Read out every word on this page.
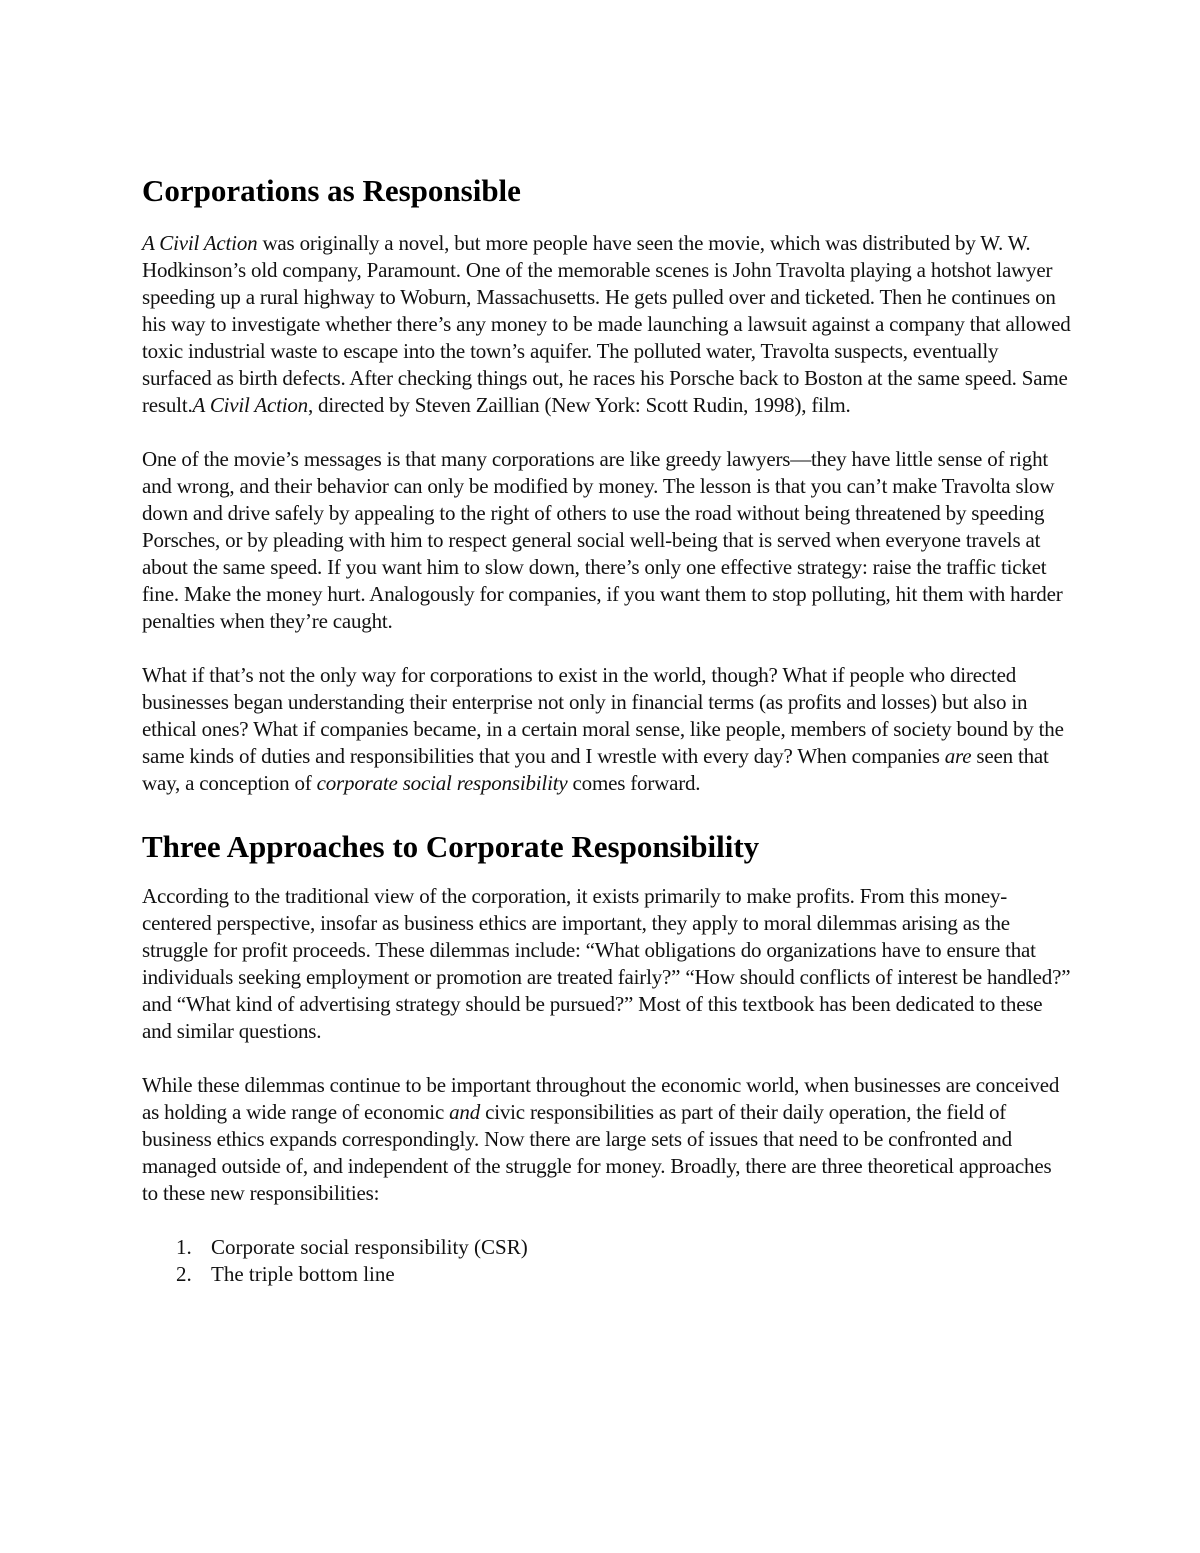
Corporations as Responsible

A Civil Action was originally a novel, but more people have seen the movie, which was distributed by W. W. Hodkinson’s old company, Paramount. One of the memorable scenes is John Travolta playing a hotshot lawyer speeding up a rural highway to Woburn, Massachusetts. He gets pulled over and ticketed. Then he continues on his way to investigate whether there’s any money to be made launching a lawsuit against a company that allowed toxic industrial waste to escape into the town’s aquifer. The polluted water, Travolta suspects, eventually surfaced as birth defects. After checking things out, he races his Porsche back to Boston at the same speed. Same result.A Civil Action, directed by Steven Zaillian (New York: Scott Rudin, 1998), film.

One of the movie’s messages is that many corporations are like greedy lawyers—they have little sense of right and wrong, and their behavior can only be modified by money. The lesson is that you can’t make Travolta slow down and drive safely by appealing to the right of others to use the road without being threatened by speeding Porsches, or by pleading with him to respect general social well-being that is served when everyone travels at about the same speed. If you want him to slow down, there’s only one effective strategy: raise the traffic ticket fine. Make the money hurt. Analogously for companies, if you want them to stop polluting, hit them with harder penalties when they’re caught.

What if that’s not the only way for corporations to exist in the world, though? What if people who directed businesses began understanding their enterprise not only in financial terms (as profits and losses) but also in ethical ones? What if companies became, in a certain moral sense, like people, members of society bound by the same kinds of duties and responsibilities that you and I wrestle with every day? When companies are seen that way, a conception of corporate social responsibility comes forward.

Three Approaches to Corporate Responsibility

According to the traditional view of the corporation, it exists primarily to make profits. From this money-centered perspective, insofar as business ethics are important, they apply to moral dilemmas arising as the struggle for profit proceeds. These dilemmas include: “What obligations do organizations have to ensure that individuals seeking employment or promotion are treated fairly?” “How should conflicts of interest be handled?” and “What kind of advertising strategy should be pursued?” Most of this textbook has been dedicated to these and similar questions.

While these dilemmas continue to be important throughout the economic world, when businesses are conceived as holding a wide range of economic and civic responsibilities as part of their daily operation, the field of business ethics expands correspondingly. Now there are large sets of issues that need to be confronted and managed outside of, and independent of the struggle for money. Broadly, there are three theoretical approaches to these new responsibilities:

1. Corporate social responsibility (CSR)
2. The triple bottom line
